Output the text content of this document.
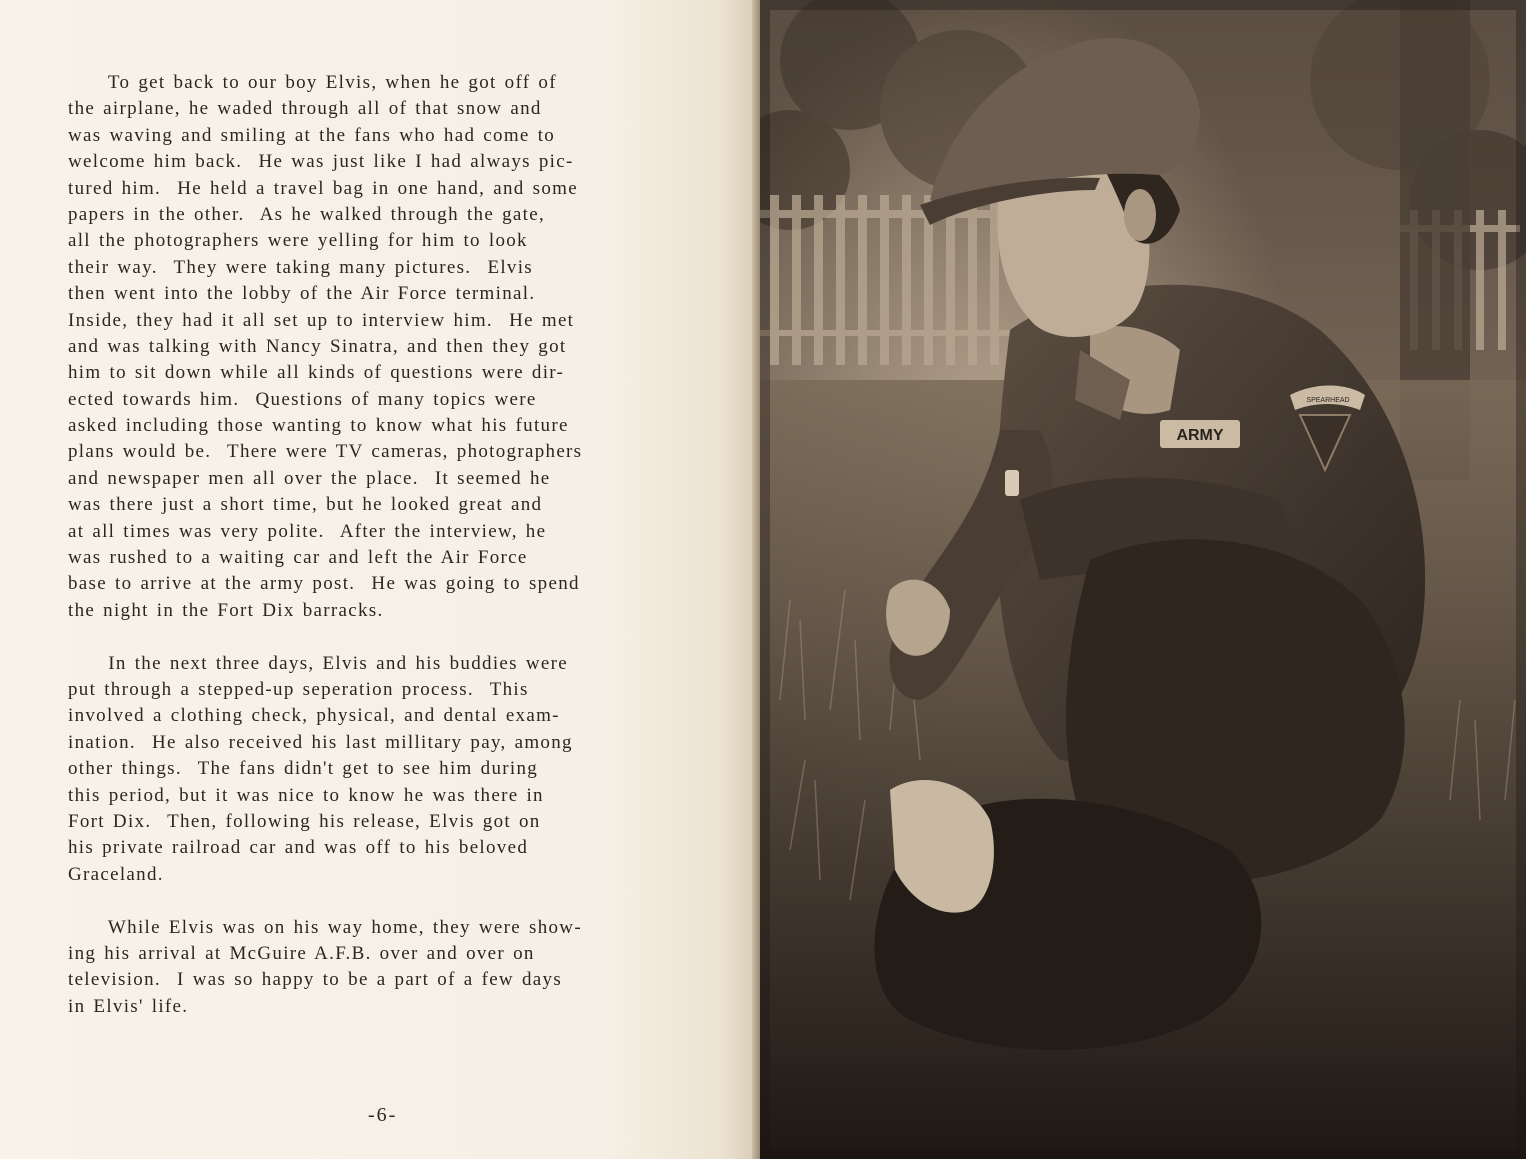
To get back to our boy Elvis, when he got off of
the airplane, he waded through all of that snow and
was waving and smiling at the fans who had come to
welcome him back.  He was just like I had always pic-
tured him.  He held a travel bag in one hand, and some
papers in the other.  As he walked through the gate,
all the photographers were yelling for him to look
their way.  They were taking many pictures.  Elvis
then went into the lobby of the Air Force terminal.
Inside, they had it all set up to interview him.  He met
and was talking with Nancy Sinatra, and then they got
him to sit down while all kinds of questions were dir-
ected towards him.  Questions of many topics were
asked including those wanting to know what his future
plans would be.  There were TV cameras, photographers
and newspaper men all over the place.  It seemed he
was there just a short time, but he looked great and
at all times was very polite.  After the interview, he
was rushed to a waiting car and left the Air Force
base to arrive at the army post.  He was going to spend
the night in the Fort Dix barracks.
In the next three days, Elvis and his buddies were
put through a stepped-up seperation process.  This
involved a clothing check, physical, and dental exam-
ination.  He also received his last millitary pay, among
other things.  The fans didn't get to see him during
this period, but it was nice to know he was there in
Fort Dix.  Then, following his release, Elvis got on
his private railroad car and was off to his beloved
Graceland.
While Elvis was on his way home, they were show-
ing his arrival at McGuire A.F.B. over and over on
television.  I was so happy to be a part of a few days
in Elvis' life.
-6-
ARMY
SPEARHEAD
